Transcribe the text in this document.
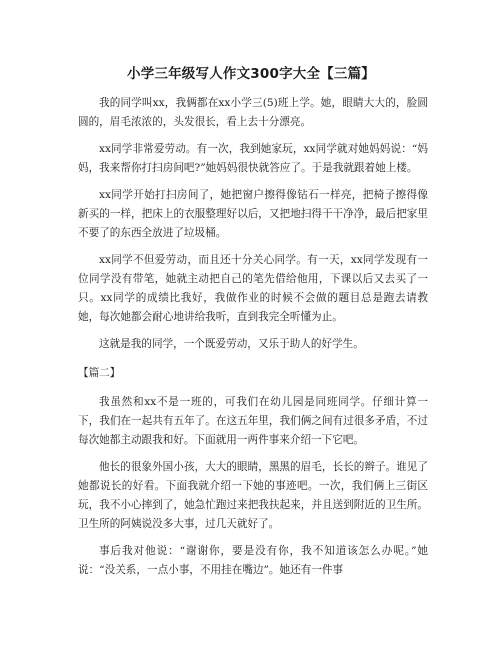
小学三年级写人作文300字大全【三篇】

我的同学叫xx，我俩都在xx小学三(5)班上学。她，眼睛大大的，脸圆圆的，眉毛浓浓的，头发很长，看上去十分漂亮。

xx同学非常爱劳动。有一次，我到她家玩，xx同学就对她妈妈说：“妈妈，我来帮你打扫房间吧?”她妈妈很快就答应了。于是我就跟着她上楼。

xx同学开始打扫房间了，她把窗户擦得像钻石一样亮，把椅子擦得像新买的一样，把床上的衣服整理好以后，又把地扫得干干净净，最后把家里不要了的东西全放进了垃圾桶。

xx同学不但爱劳动，而且还十分关心同学。有一天，xx同学发现有一位同学没有带笔，她就主动把自己的笔先借给他用，下课以后又去买了一只。xx同学的成绩比我好，我做作业的时候不会做的题目总是跑去请教她，每次她都会耐心地讲给我听，直到我完全听懂为止。

这就是我的同学，一个既爱劳动，又乐于助人的好学生。

【篇二】

我虽然和xx不是一班的，可我们在幼儿园是同班同学。仔细计算一下，我们在一起共有五年了。在这五年里，我们俩之间有过很多矛盾，不过每次她都主动跟我和好。下面就用一两件事来介绍一下它吧。

他长的很象外国小孩，大大的眼睛，黑黑的眉毛，长长的辫子。谁见了她都说长的好看。下面我就介绍一下她的事迹吧。一次，我们俩上三街区玩，我不小心摔到了，她急忙跑过来把我扶起来，并且送到附近的卫生所。卫生所的阿姨说没多大事，过几天就好了。

事后我对他说：“谢谢你，要是没有你，我不知道该怎么办呢。”她说：“没关系，一点小事，不用挂在嘴边”。她还有一件事
